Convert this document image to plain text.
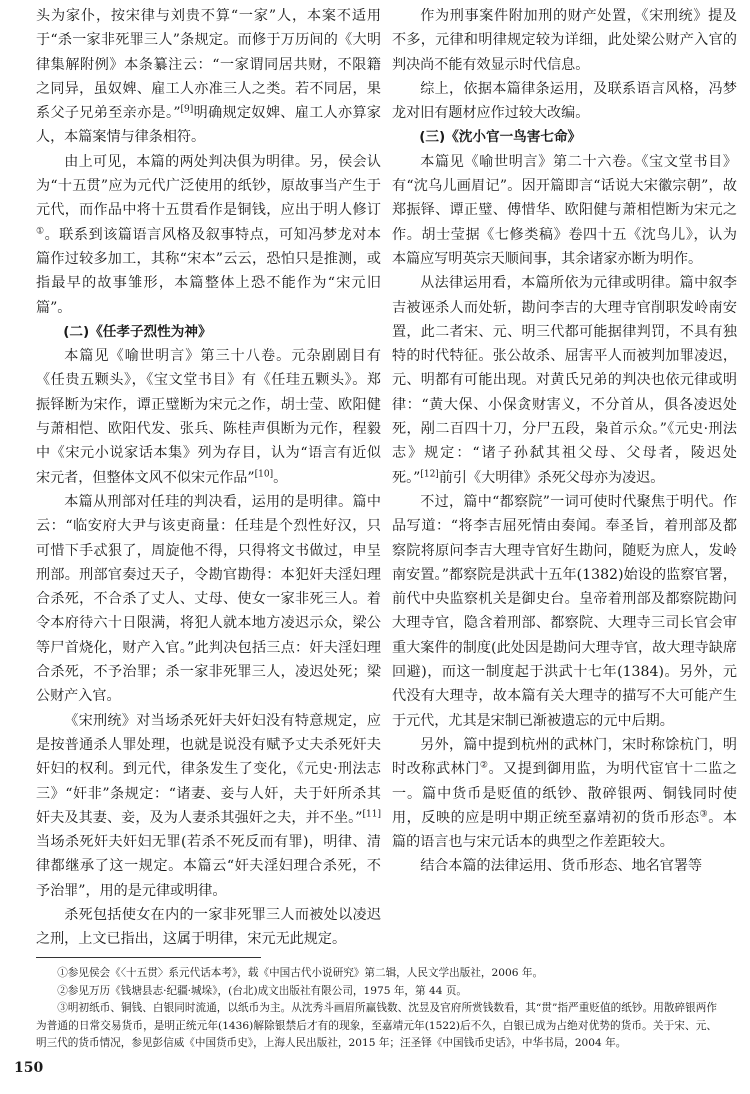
头为家仆，按宋律与刘贵不算“一家”人，本案不适用于“杀一家非死罪三人”条规定。而修于万历间的《大明律集解附例》本条纂注云：“一家谓同居共财，不限籍之同异，虽奴婢、雇工人亦准三人之类。若不同居，果系父子兄弟至亲亦是。”[9]明确规定奴婢、雇工人亦算家人，本篇案情与律条相符。

由上可见，本篇的两处判决俱为明律。另，侯会认为“十五贯”应为元代广泛使用的纸钞，原故事当产生于元代，而作品中将十五贯看作是铜钱，应出于明人修订①。联系到该篇语言风格及叙事特点，可知冯梦龙对本篇作过较多加工，其称“宋本”云云，恐怕只是推测，或指最早的故事雏形，本篇整体上恐不能作为“宋元旧篇”。

(二)《任孝子烈性为神》

本篇见《喻世明言》第三十八卷。元杂剧剧目有《任贵五颗头》，《宝文堂书目》有《任珪五颗头》。郑振铎断为宋作，谭正璧断为宋元之作，胡士莹、欧阳健与萧相恺、欧阳代发、张兵、陈桂声俱断为元作，程毅中《宋元小说家话本集》列为存目，认为“语言有近似宋元者，但整体文风不似宋元作品”[10]。

本篇从刑部对任珪的判决看，运用的是明律。篇中云：“临安府大尹与该吏商量：任珪是个烈性好汉，只可惜下手忒狠了，周旋他不得，只得将文书做过，申呈刑部。刑部官奏过天子，令勘官勘得：本犯奸夫淫妇理合杀死，不合杀了丈人、丈母、使女一家非死三人。着令本府待六十日限满，将犯人就本地方凌迟示众，梁公等尸首烧化，财产入官。”此判决包括三点：奸夫淫妇理合杀死，不予治罪；杀一家非死罪三人，凌迟处死；梁公财产入官。

《宋刑统》对当场杀死奸夫奸妇没有特意规定，应是按普通杀人罪处理，也就是说没有赋予丈夫杀死奸夫奸妇的权利。到元代，律条发生了变化，《元史·刑法志三》“奸非”条规定：“诸妻、妾与人奸，夫于奸所杀其奸夫及其妻、妾，及为人妻杀其强奸之夫，并不坐。”[11]当场杀死奸夫奸妇无罪(若杀不死反而有罪)，明律、清律都继承了这一规定。本篇云“奸夫淫妇理合杀死，不予治罪”，用的是元律或明律。

杀死包括使女在内的一家非死罪三人而被处以凌迟之刑，上文已指出，这属于明律，宋元无此规定。

作为刑事案件附加刑的财产处置，《宋刑统》提及不多，元律和明律规定较为详细，此处梁公财产入官的判决尚不能有效显示时代信息。

综上，依据本篇律条运用，及联系语言风格，冯梦龙对旧有题材应作过较大改编。

(三)《沈小官一鸟害七命》

本篇见《喻世明言》第二十六卷。《宝文堂书目》有“沈乌儿画眉记”。因开篇即言“话说大宋徽宗朝”，故郑振铎、谭正璧、傅惜华、欧阳健与萧相恺断为宋元之作。胡士莹据《七修类稿》卷四十五《沈鸟儿》，认为本篇应写明英宗天顺间事，其余诸家亦断为明作。

从法律运用看，本篇所依为元律或明律。篇中叙李吉被诬杀人而处斩，勘问李吉的大理寺官削职发岭南安置，此二者宋、元、明三代都可能据律判罚，不具有独特的时代特征。张公故杀、屈害平人而被判加罪凌迟，元、明都有可能出现。对黄氏兄弟的判决也依元律或明律：“黄大保、小保贪财害义，不分首从，俱各凌迟处死，剐二百四十刀，分尸五段，枭首示众。”《元史·刑法志》规定：“诸子孙弑其祖父母、父母者，陵迟处死。”[12]前引《大明律》杀死父母亦为凌迟。

不过，篇中“都察院”一词可使时代聚焦于明代。作品写道：“将李吉屈死情由奏闻。奉圣旨，着刑部及都察院将原问李吉大理寺官好生勘问，随贬为庶人，发岭南安置。”都察院是洪武十五年(1382)始设的监察官署，前代中央监察机关是御史台。皇帝着刑部及都察院勘问大理寺官，隐含着刑部、都察院、大理寺三司长官会审重大案件的制度(此处因是勘问大理寺官，故大理寺缺席回避)，而这一制度起于洪武十七年(1384)。另外，元代没有大理寺，故本篇有关大理寺的描写不大可能产生于元代，尤其是宋制已渐被遗忘的元中后期。

另外，篇中提到杭州的武林门，宋时称馀杭门，明时改称武林门②。又提到御用监，为明代宦官十二监之一。篇中货币是贬值的纸钞、散碎银两、铜钱同时使用，反映的应是明中期正统至嘉靖初的货币形态③。本篇的语言也与宋元话本的典型之作差距较大。

结合本篇的法律运用、货币形态、地名官署等

①参见侯会《〈十五贯〉系元代话本考》，载《中国古代小说研究》第二辑，人民文学出版社，2006 年。

②参见万历《钱塘县志·纪疆·城垛》，(台北)成文出版社有限公司，1975 年，第 44 页。

③明初纸币、铜钱、白银同时流通，以纸币为主。从沈秀斗画眉所赢钱数、沈昱及官府所赏钱数看，其“贯”指严重贬值的纸钞。用散碎银两作为普通的日常交易货币，是明正统元年(1436)解除银禁后才有的现象，至嘉靖元年(1522)后不久，白银已成为占绝对优势的货币。关于宋、元、明三代的货币情况，参见彭信威《中国货币史》，上海人民出版社，2015 年；汪圣铎《中国钱币史话》，中华书局，2004 年。

150
